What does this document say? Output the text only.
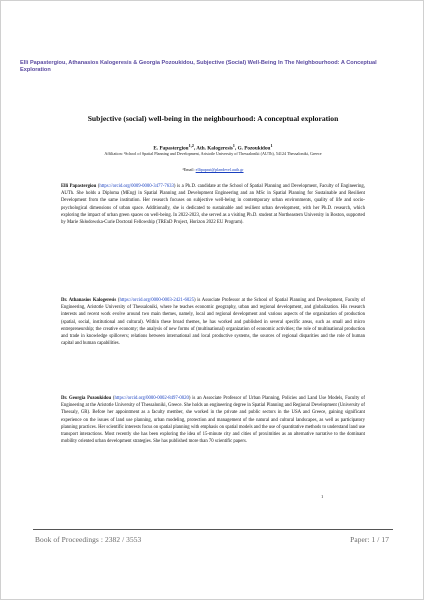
Elli Papastergiou, Athanasios Kalogeresis & Georgia Pozoukidou, Subjective (Social) Well-Being In The Neighbourhood: A Conceptual Exploration
Subjective (social) well-being in the neighbourhood: A conceptual exploration
E. Papastergiou$^{1,2}$, Ath. Kalogeresis$^1$, G. Pozoukidou$^1$
Affiliation: ¹School of Spatial Planning and Development, Aristotle University of Thessaloniki (AUTh), 54124 Thessaloniki, Greece
²Email: ellipapast@plandevel.auth.gr

Elli Papastergiou (https://orcid.org/0009-0000-3477-7633) is a Ph.D. candidate at the School of Spatial Planning and Development, Faculty of Engineering, AUTh. She holds a Diploma (MEng) in Spatial Planning and Development Engineering and an MSc in Spatial Planning for Sustainable and Resilient Development from the same institution. Her research focuses on subjective well-being in contemporary urban environments, quality of life and socio-psychological dimensions of urban space. Additionally, she is dedicated to sustainable and resilient urban development, with her Ph.D. research, which exploring the impact of urban green spaces on well-being. In 2022-2023, she served as a visiting Ph.D. student at Northeastern University in Boston, supported by Marie Skłodowska-Curie Doctoral Fellowship (TREnD Project, Horizon 2022 EU Program).

Dr. Athanasios Kalogeresis (https://orcid.org/0000-0003-2421-6025) is Associate Professor at the School of Spatial Planning and Development, Faculty of Engineering, Aristotle University of Thessaloniki, where he teaches economic geography, urban and regional development, and globalization. His research interests and recent work evolve around two main themes, namely, local and regional development and various aspects of the organization of production (spatial, social, institutional and cultural). Within these broad themes, he has worked and published in several specific areas, such as small and micro entrepreneurship; the creative economy; the analysis of new forms of (multinational) organization of economic activities; the role of multinational production and trade in knowledge spillovers; relations between international and local productive systems, the sources of regional disparities and the role of human capital and human capabilities.

Dr. Georgia Pozoukidou (https://orcid.org/0000-0002-8497-0020) is an Associate Professor of Urban Planning, Policies and Land Use Models, Faculty of Engineering at the Aristotle University of Thessaloniki, Greece. She holds an engineering degree in Spatial Planning and Regional Development (University of Thessaly, GR). Before her appointment as a faculty member, she worked in the private and public sectors in the USA and Greece, gaining significant experience on the issues of land use planning, urban modeling, protection and management of the natural and cultural landscapes, as well as participatory planning practices. Her scientific interests focus on spatial planning with emphasis on spatial models and the use of quantitative methods to understand land use transport interactions. Most recently she has been exploring the idea of 15-minute city and cities of proximities as an alternative narrative to the dominant mobility oriented urban development strategies. She has published more than 70 scientific papers.

1
Book of Proceedings : 2382 / 3553	Paper: 1 / 17
